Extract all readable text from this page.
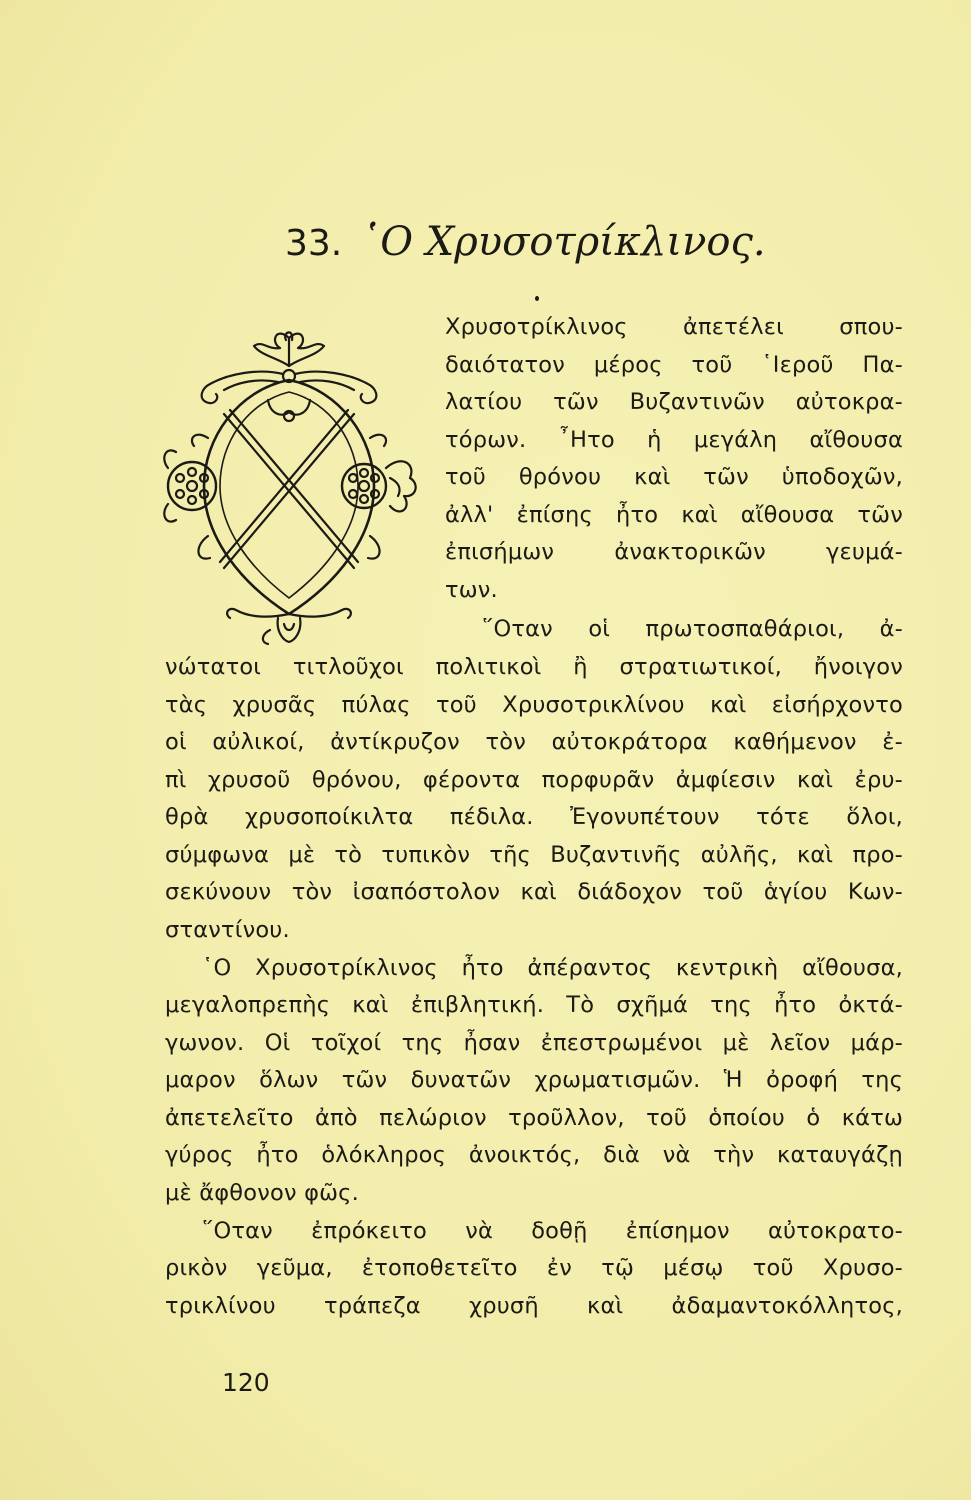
33. ῾Ο Χρυσοτρίκλινος.
Χρυσοτρίκλινος ἀπετέλει σπου-
δαιότατον μέρος τοῦ ῾Ιεροῦ Πα-
λατίου τῶν Βυζαντινῶν αὐτοκρα-
τόρων. ῏Ητο ἡ μεγάλη αἴθουσα
τοῦ θρόνου καὶ τῶν ὑποδοχῶν,
ἀλλ' ἐπίσης ἦτο καὶ αἴθουσα τῶν
ἐπισήμων ἀνακτορικῶν γευμά-
των.
῞Οταν οἱ πρωτοσπαθάριοι, ἀ-
νώτατοι τιτλοῦχοι πολιτικοὶ ἢ στρατιωτικοί, ἤνοιγον
τὰς χρυσᾶς πύλας τοῦ Χρυσοτρικλίνου καὶ εἰσήρχοντο
οἱ αὐλικοί, ἀντίκρυζον τὸν αὐτοκράτορα καθήμενον ἐ-
πὶ χρυσοῦ θρόνου, φέροντα πορφυρᾶν ἀμφίεσιν καὶ ἐρυ-
θρὰ χρυσοποίκιλτα πέδιλα. Ἐγονυπέτουν τότε ὅλοι,
σύμφωνα μὲ τὸ τυπικὸν τῆς Βυζαντινῆς αὐλῆς, καὶ προ-
σεκύνουν τὸν ἰσαπόστολον καὶ διάδοχον τοῦ ἁγίου Κων-
σταντίνου.
῾Ο Χρυσοτρίκλινος ἦτο ἀπέραντος κεντρικὴ αἴθουσα,
μεγαλοπρεπὴς καὶ ἐπιβλητική. Τὸ σχῆμά της ἦτο ὀκτά-
γωνον. Οἱ τοῖχοί της ἦσαν ἐπεστρωμένοι μὲ λεῖον μάρ-
μαρον ὅλων τῶν δυνατῶν χρωματισμῶν. Ἡ ὀροφή της
ἀπετελεῖτο ἀπὸ πελώριον τροῦλλον, τοῦ ὁποίου ὁ κάτω
γύρος ἦτο ὁλόκληρος ἀνοικτός, διὰ νὰ τὴν καταυγάζῃ
μὲ ἄφθονον φῶς.
῞Οταν ἐπρόκειτο νὰ δοθῇ ἐπίσημον αὐτοκρατο-
ρικὸν γεῦμα, ἐτοποθετεῖτο ἐν τῷ μέσῳ τοῦ Χρυσο-
τρικλίνου τράπεζα χρυσῆ καὶ ἀδαμαντοκόλλητος,
120
